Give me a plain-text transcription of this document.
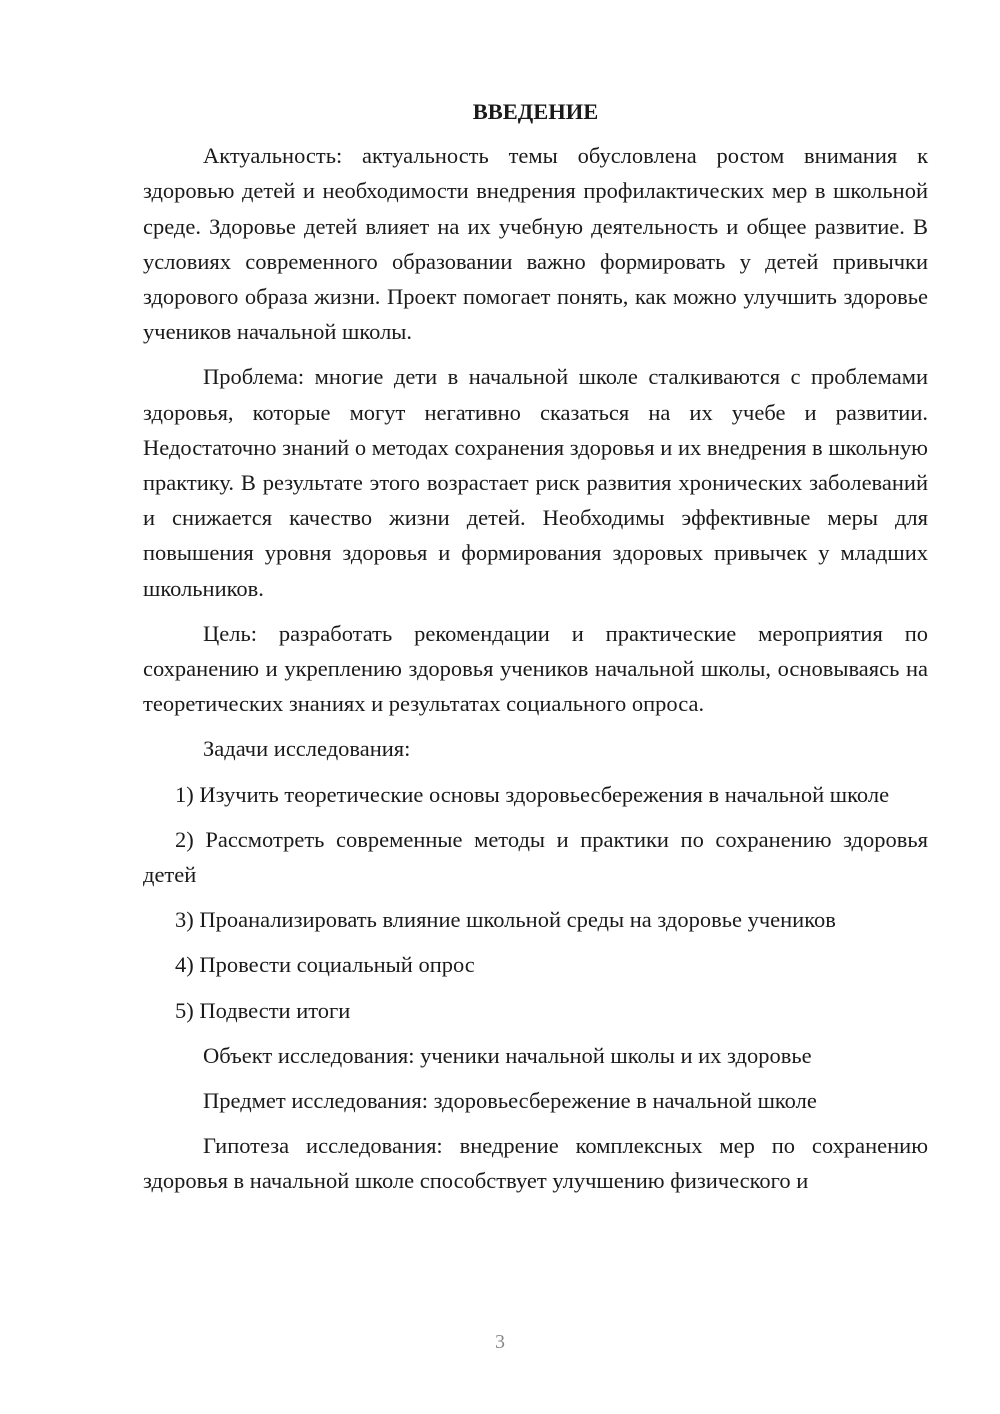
ВВЕДЕНИЕ

Актуальность: актуальность темы обусловлена ростом внимания к здоровью детей и необходимости внедрения профилактических мер в школьной среде. Здоровье детей влияет на их учебную деятельность и общее развитие. В условиях современного образовании важно формировать у детей привычки здорового образа жизни. Проект помогает понять, как можно улучшить здоровье учеников начальной школы.

Проблема: многие дети в начальной школе сталкиваются с проблемами здоровья, которые могут негативно сказаться на их учебе и развитии. Недостаточно знаний о методах сохранения здоровья и их внедрения в школьную практику. В результате этого возрастает риск развития хронических заболеваний и снижается качество жизни детей. Необходимы эффективные меры для повышения уровня здоровья и формирования здоровых привычек у младших школьников.

Цель: разработать рекомендации и практические мероприятия по сохранению и укреплению здоровья учеников начальной школы, основываясь на теоретических знаниях и результатах социального опроса.

Задачи исследования:

1) Изучить теоретические основы здоровьесбережения в начальной школе

2) Рассмотреть современные методы и практики по сохранению здоровья детей

3) Проанализировать влияние школьной среды на здоровье учеников

4) Провести социальный опрос

5) Подвести итоги

Объект исследования: ученики начальной школы и их здоровье

Предмет исследования: здоровьесбережение в начальной школе

Гипотеза исследования: внедрение комплексных мер по сохранению здоровья в начальной школе способствует улучшению физического и

3
